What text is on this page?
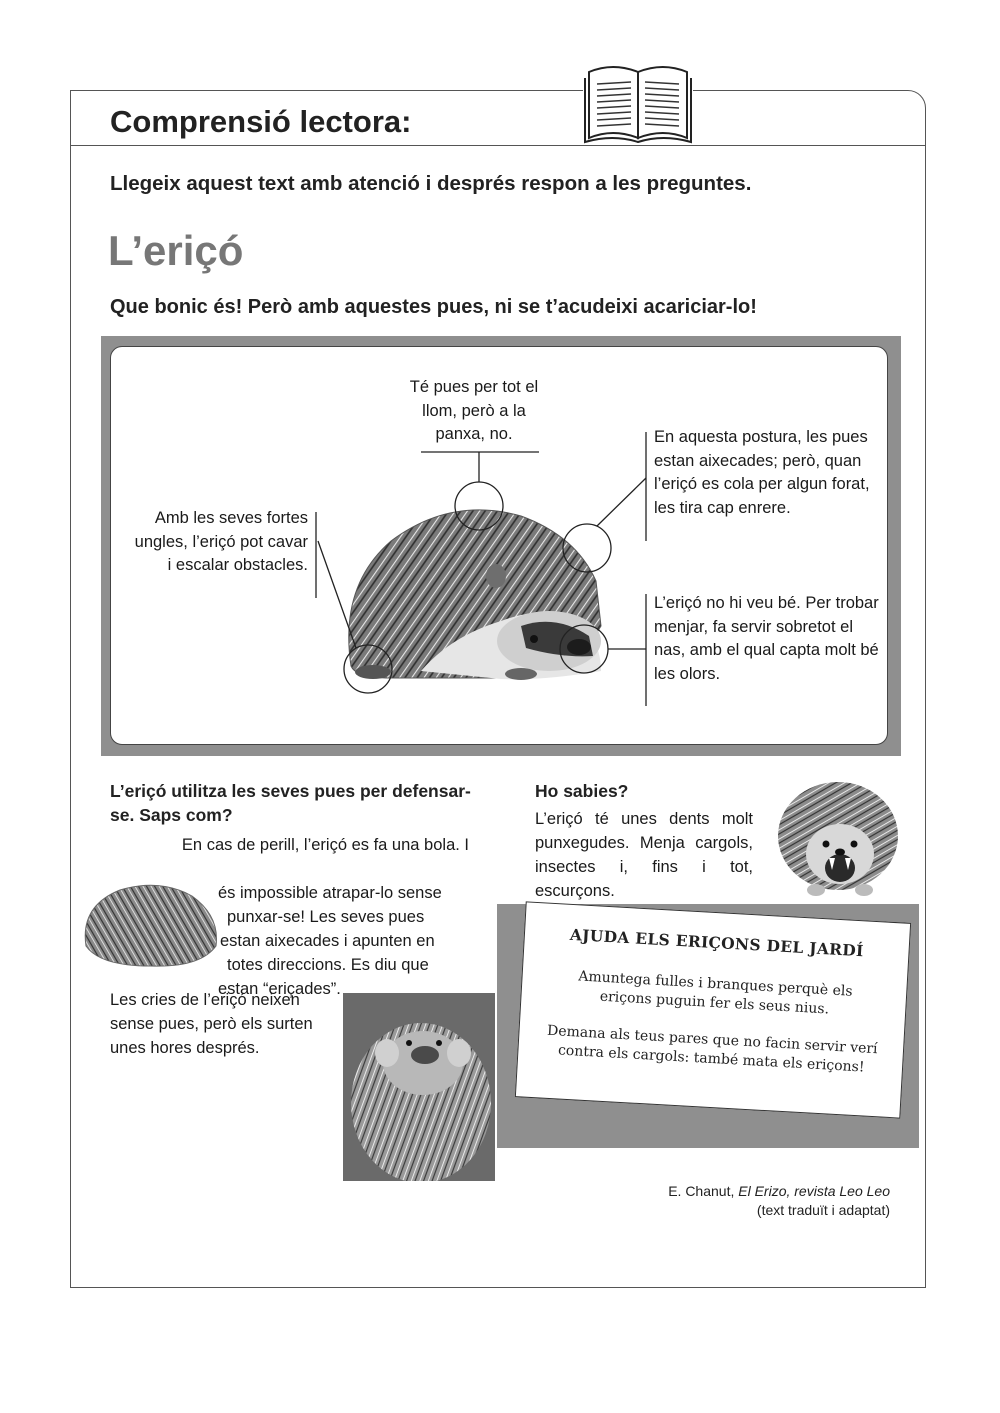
Comprensió lectora:
Llegeix aquest text amb atenció i després respon a les preguntes.
L’eriçó
Que bonic és! Però amb aquestes pues, ni se t’acudeixi acariciar-lo!
Té pues per tot el llom, però a la panxa, no.
Amb les seves fortes ungles, l’eriçó pot cavar i escalar obstacles.
En aquesta postura, les pues estan aixecades; però, quan l’eriçó es cola per algun forat, les tira cap enrere.
L’eriçó no hi veu bé. Per trobar menjar, fa servir sobretot el nas, amb el qual capta molt bé les olors.
L’eriçó utilitza les seves pues per defensar-se. Saps com?
En cas de perill, l’eriçó es fa una bola. I
és impossible atrapar-lo sense
punxar-se! Les seves pues
estan aixecades i apunten en
totes direccions. Es diu que
estan “eriçades”.
Les cries de l’eriçó neixen sense pues, però els surten unes hores després.
Ho sabies?
L’eriçó té unes dents molt punxegudes. Menja cargols, insectes i, fins i tot, escurçons.
AJUDA ELS ERIÇONS DEL JARDÍ
Amuntega fulles i branques perquè els eriçons puguin fer els seus nius.
Demana als teus pares que no facin servir verí contra els cargols: també mata els eriçons!
E. Chanut, El Erizo, revista Leo Leo
(text traduït i adaptat)
